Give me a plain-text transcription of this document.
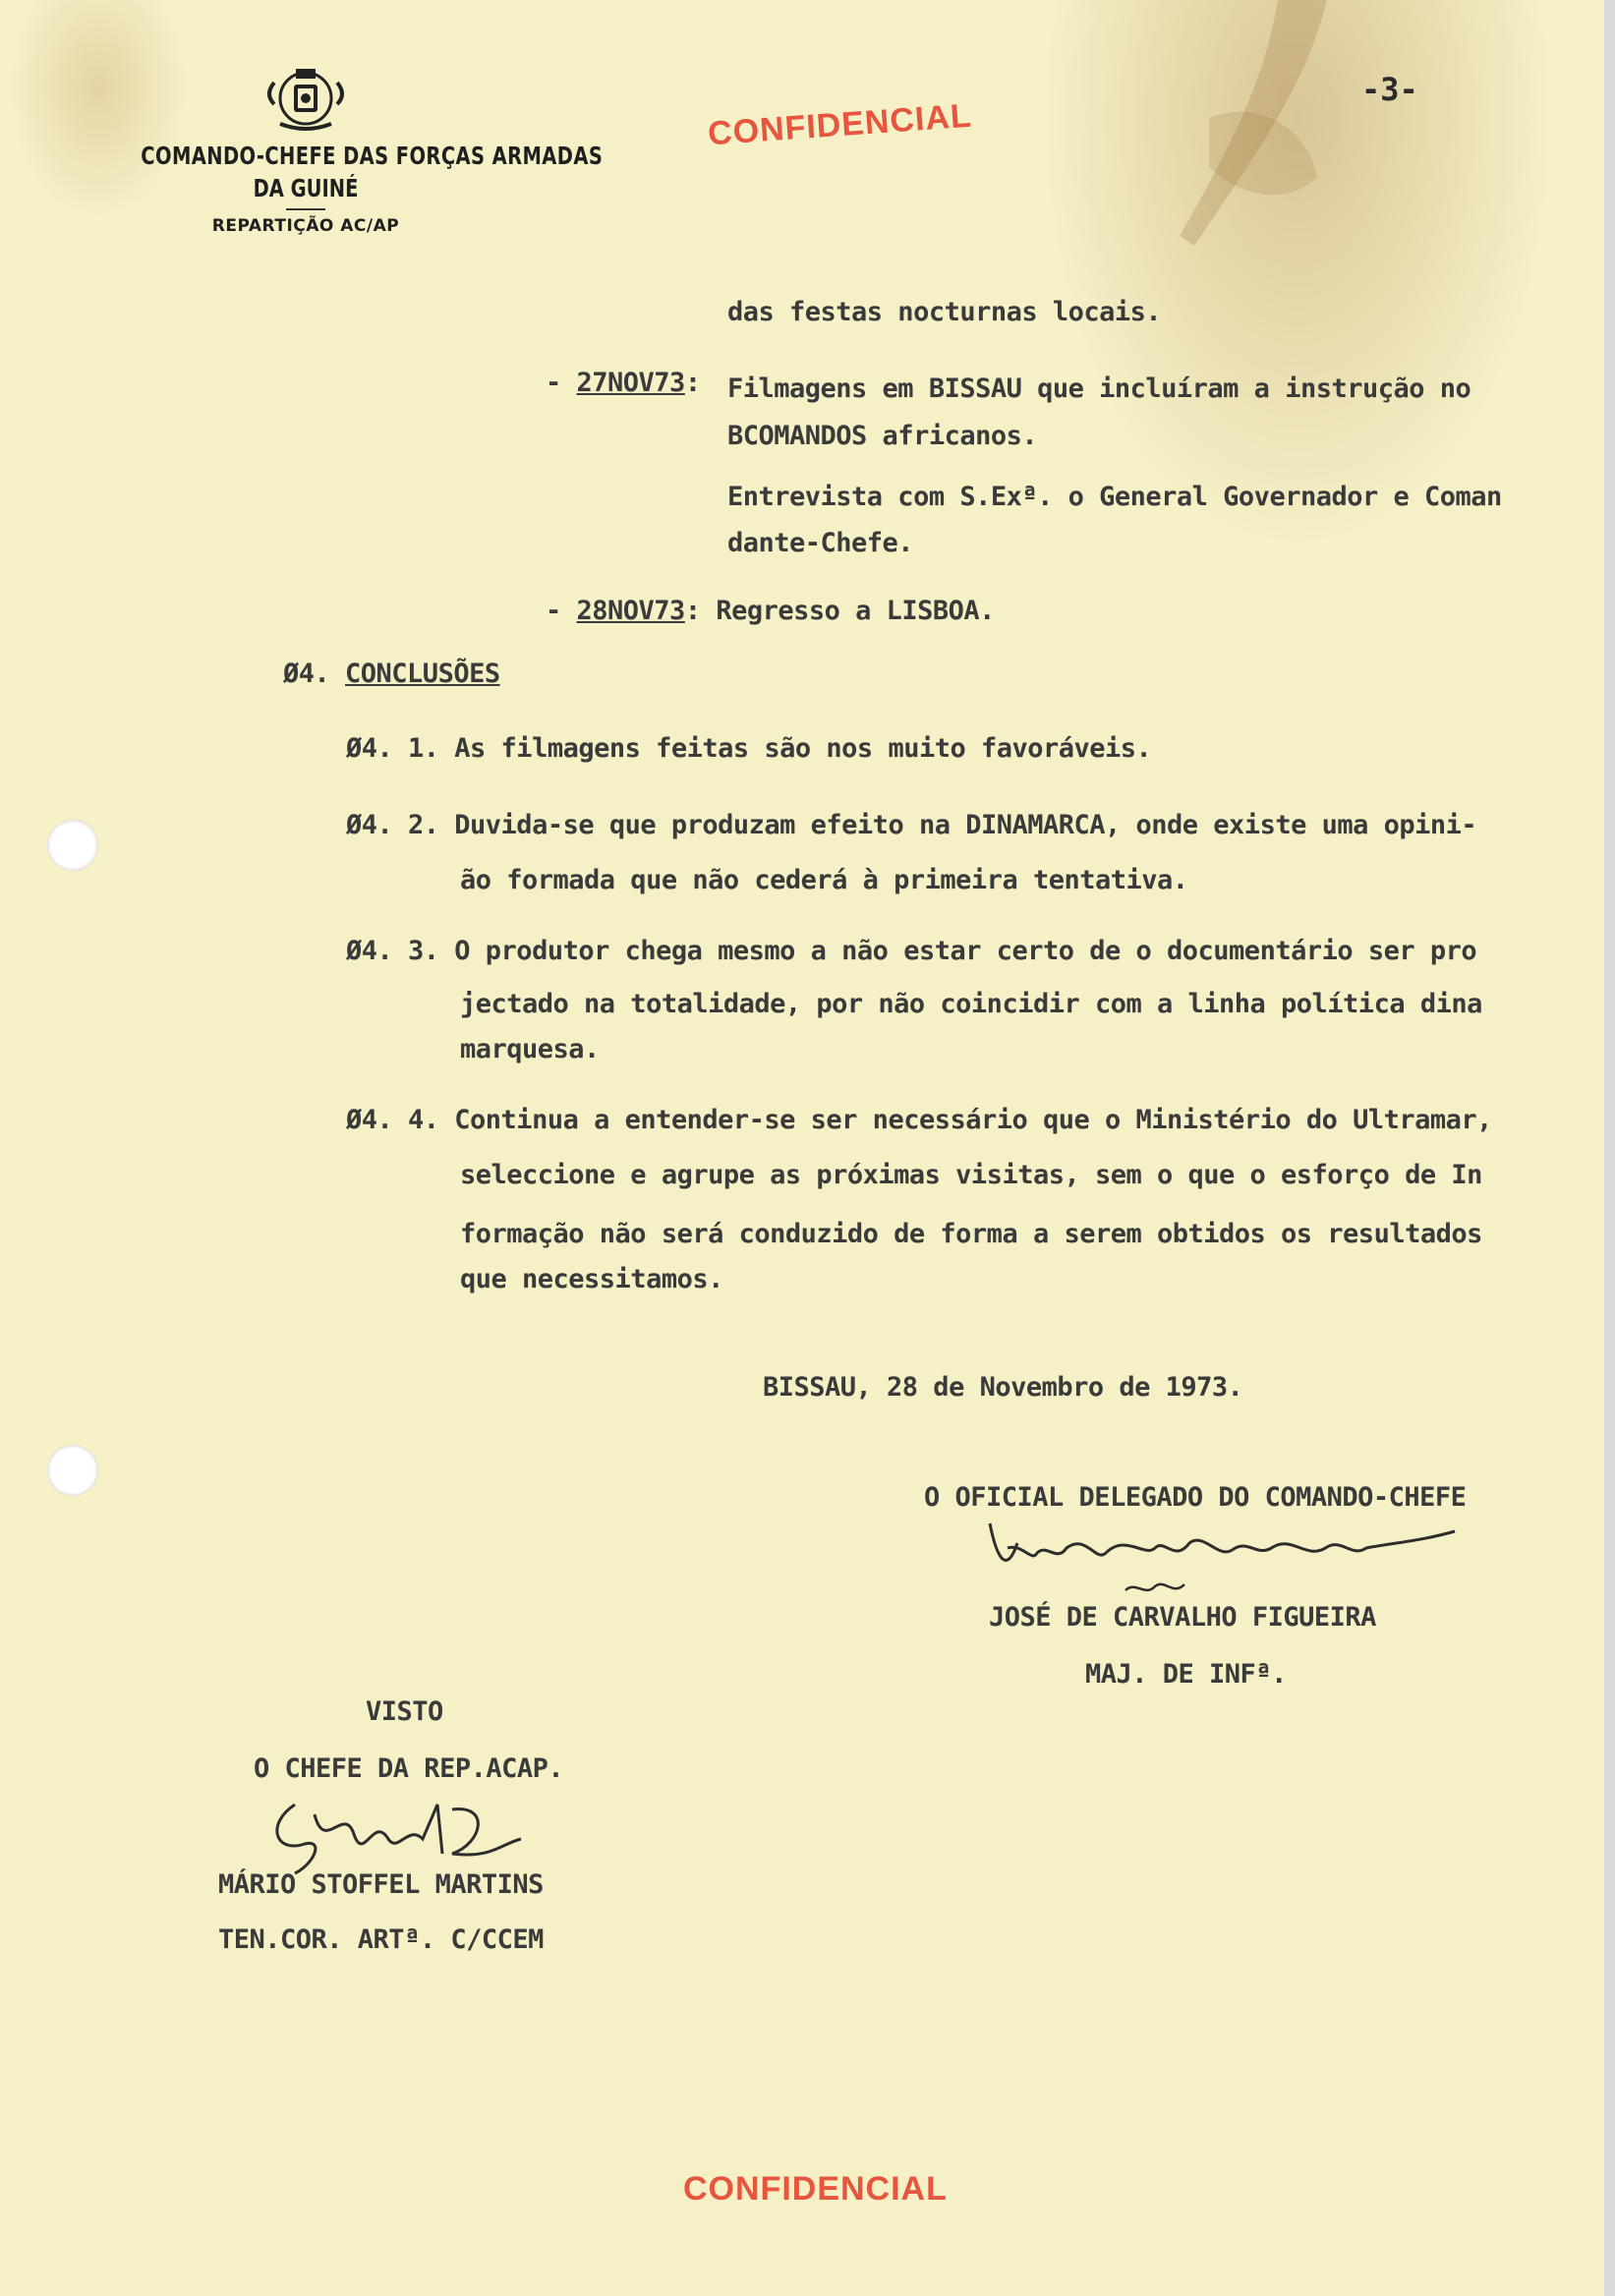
COMANDO-CHEFE DAS FORÇAS ARMADAS
DA GUINÉ
REPARTIÇÃO AC/AP
CONFIDENCIAL
-3-
das festas nocturnas locais.
- 27NOV73: Filmagens em BISSAU que incluíram a instrução no
BCOMANDOS africanos.
Entrevista com S.Exª. o General Governador e Coman
dante-Chefe.
- 28NOV73: Regresso a LISBOA.
Ø4. CONCLUSÕES
Ø4. 1. As filmagens feitas são nos muito favoráveis.
Ø4. 2. Duvida-se que produzam efeito na DINAMARCA, onde existe uma opini-
ão formada que não cederá à primeira tentativa.
Ø4. 3. O produtor chega mesmo a não estar certo de o documentário ser pro
jectado na totalidade, por não coincidir com a linha política dina
marquesa.
Ø4. 4. Continua a entender-se ser necessário que o Ministério do Ultramar,
seleccione e agrupe as próximas visitas, sem o que o esforço de In
formação não será conduzido de forma a serem obtidos os resultados
que necessitamos.
BISSAU, 28 de Novembro de 1973.
O OFICIAL DELEGADO DO COMANDO-CHEFE
JOSÉ DE CARVALHO FIGUEIRA
MAJ. DE INFª.
VISTO
O CHEFE DA REP.ACAP.
MÁRIO STOFFEL MARTINS
TEN.COR. ARTª. C/CCEM
CONFIDENCIAL
